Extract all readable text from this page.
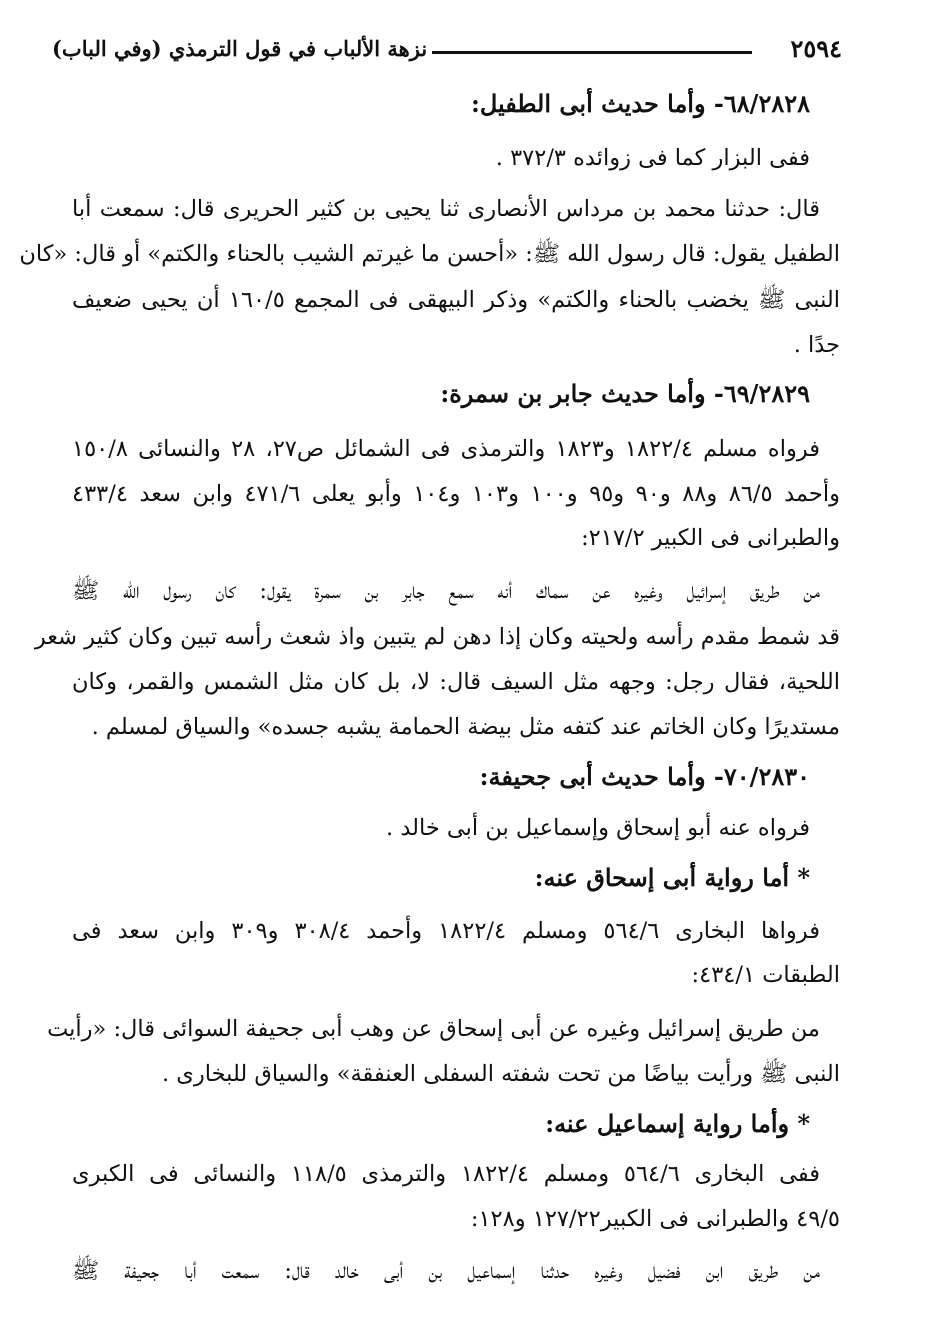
٢٥٩٤
نزهة الألباب في قول الترمذي (وفي الباب)
٦٨/٢٨٢٨- وأما حديث أبى الطفيل:
ففى البزار كما فى زوائده ٣٧٢/٣ .
قال: حدثنا محمد بن مرداس الأنصارى ثنا يحيى بن كثير الحريرى قال: سمعت أبا
الطفيل يقول: قال رسول الله ﷺ: «أحسن ما غيرتم الشيب بالحناء والكتم» أو قال: «كان
النبى ﷺ يخضب بالحناء والكتم» وذكر البيهقى فى المجمع ١٦٠/٥ أن يحيى ضعيف
جدًا .
٦٩/٢٨٢٩- وأما حديث جابر بن سمرة:
فرواه مسلم ١٨٢٢/٤ و١٨٢٣ والترمذى فى الشمائل ص٢٧، ٢٨ والنسائى ١٥٠/٨
وأحمد ٨٦/٥ و٨٨ و٩٠ و٩٥ و١٠٠ و١٠٣ و١٠٤ وأبو يعلى ٤٧١/٦ وابن سعد ٤٣٣/٤
والطبرانى فى الكبير ٢١٧/٢:
من طريق إسرائيل وغيره عن سماك أنه سمع جابر بن سمرة يقول: كان رسول الله ﷺ
قد شمط مقدم رأسه ولحيته وكان إذا دهن لم يتبين واذ شعث رأسه تبين وكان كثير شعر
اللحية، فقال رجل: وجهه مثل السيف قال: لا، بل كان مثل الشمس والقمر، وكان
مستديرًا وكان الخاتم عند كتفه مثل بيضة الحمامة يشبه جسده» والسياق لمسلم .
٧٠/٢٨٣٠- وأما حديث أبى جحيفة:
فرواه عنه أبو إسحاق وإسماعيل بن أبى خالد .
* أما رواية أبى إسحاق عنه:
فرواها البخارى ٥٦٤/٦ ومسلم ١٨٢٢/٤ وأحمد ٣٠٨/٤ و٣٠٩ وابن سعد فى
الطبقات ٤٣٤/١:
من طريق إسرائيل وغيره عن أبى إسحاق عن وهب أبى جحيفة السوائى قال: «رأيت
النبى ﷺ ورأيت بياضًا من تحت شفته السفلى العنفقة» والسياق للبخارى .
* وأما رواية إسماعيل عنه:
ففى البخارى ٥٦٤/٦ ومسلم ١٨٢٢/٤ والترمذى ١١٨/٥ والنسائى فى الكبرى
٤٩/٥ والطبرانى فى الكبير١٢٧/٢٢ و١٢٨:
من طريق ابن فضيل وغيره حدثنا إسماعيل بن أبى خالد قال: سمعت أبا جحيفة ﷺ
